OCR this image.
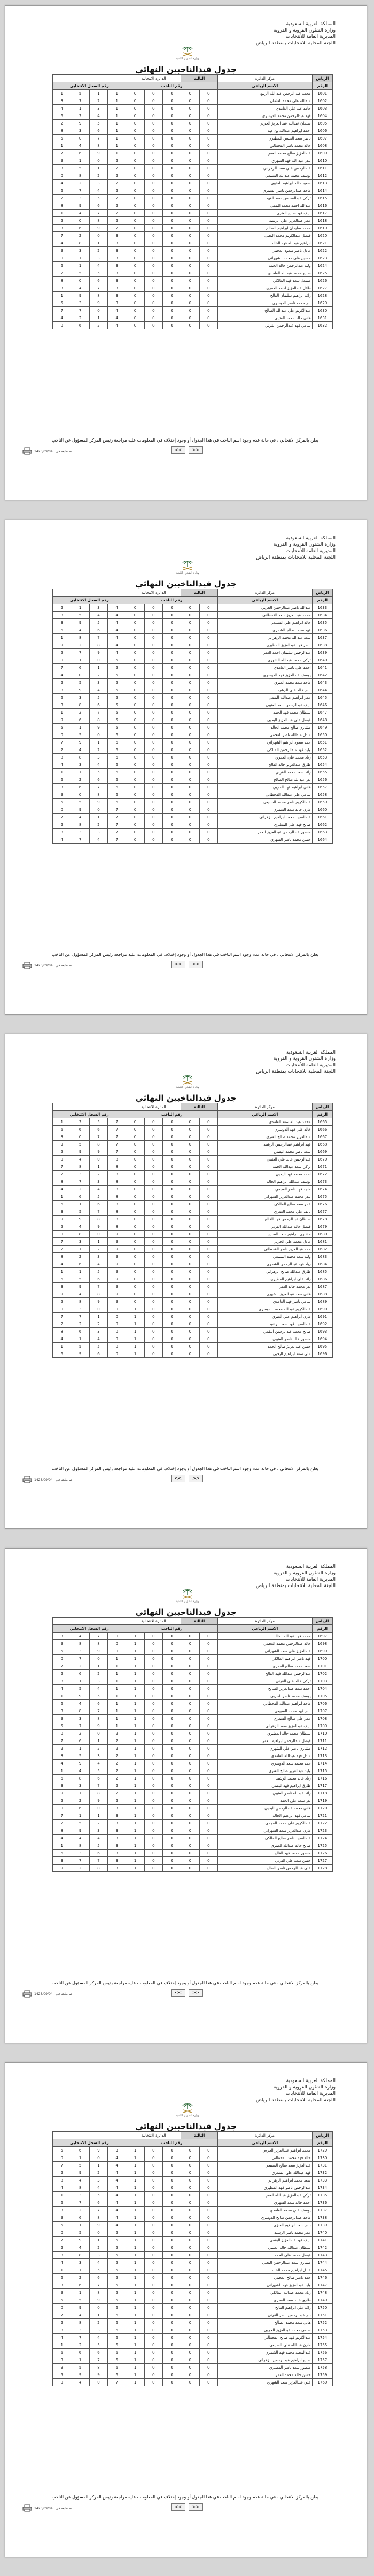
المملكة العربية السعودية
وزارة الشئون القروية و القروية
المديرية العامة للأنتخابات
اللجنة المحلية للانتخابات بمنطقة الرياض
وزارة الشؤون البلدية
جدول قيدالناخبين النهائي
الرياض	مركز الدائرة	الثالثة		الدائرة الانتخابية						
الرقم	الاسم الرباعي	رقم الناخب					رقم السجل الانتخابي			
1601	محمد عبد الرحمن عبد الله الربيع	0	0	0	0	0	1	1	5	1
1602	عبدالله علي محمد العثمان	0	0	0	0	0	1	2	7	3
1603	حامد عبد علي الغامدي	0	0	0	0	0	1	3	1	4
1604	فهد عبدالرحمن محمد الدوسري	0	0	0	0	0	1	4	2	6
1605	سلمان عبدالله عبد العزيز الحربي	0	0	0	0	0	1	5	9	2
1606	احمد ابراهيم عبدالله بن عيد	0	0	0	0	0	1	6	3	8
1607	ناصر سعد الحسن المطيري	0	0	0	0	0	1	7	0	5
1608	خالد محمد ناصر القحطاني	0	0	0	0	0	1	8	4	1
1609	عبدالعزيز صالح محمد العمر	0	0	0	0	0	1	9	6	7
1610	بندر عبد الله فهد الشهري	0	0	0	0	0	2	0	1	9
1611	عبدالرحمن علي سعد الزهراني	0	0	0	0	0	2	1	5	3
1612	يوسف محمد عبدالله السبيعي	0	0	0	0	0	2	2	8	0
1613	سعود خالد ابراهيم العتيبي	0	0	0	0	0	2	3	2	4
1614	ماجد عبدالرحمن ناصر الشمري	0	0	0	0	0	2	4	7	6
1615	تركي عبدالمحسن سعد الفهد	0	0	0	0	0	2	5	3	2
1616	عبدالله احمد محمد البقمي	0	0	0	0	0	2	6	9	8
1617	نايف فهد صالح العنزي	0	0	0	0	0	2	7	4	1
1618	عمر عبدالعزيز علي الرشيد	0	0	0	0	0	2	8	0	5
1619	محمد سليمان ابراهيم السالم	0	0	0	0	0	2	9	6	3
1620	فيصل عبدالكريم محمد اليحيى	0	0	0	0	0	3	0	2	7
1621	ابراهيم عبدالله فهد الخالد	0	0	0	0	0	3	1	8	4
1622	عادل ناصر سعود العجمي	0	0	0	0	0	3	2	3	9
1623	حسين علي محمد الشهراني	0	0	0	0	0	3	3	7	0
1624	وليد عبدالرحمن خالد الحمد	0	0	0	0	0	3	4	1	6
1625	صالح محمد عبدالله الغامدي	0	0	0	0	0	3	5	5	2
1626	مشعل سعد فهد المالكي	0	0	0	0	0	3	6	0	8
1627	طلال عبدالعزيز احمد العمري	0	0	0	0	0	3	7	4	3
1628	رائد ابراهيم سليمان الفالح	0	0	0	0	0	3	8	9	1
1629	بدر محمد ناصر الدوسري	0	0	0	0	0	3	9	3	5
1630	عبدالكريم علي عبدالله الصالح	0	0	0	0	0	4	0	7	7
1631	هاني خالد محمد العتيبي	0	0	0	0	0	4	1	2	4
1632	سامي فهد عبدالرحمن القرني	0	0	0	0	0	4	2	6	0
يعلن بالمركز الانتخابي ، في حالة عدم وجود اسم الناخب في هذا الجدول أو وجود إختلاف في المعلومات عليه مراجعة رئيس المركز المسؤول عن الناخب
<<	>>
1423/09/04 : تم طبعه في
المملكة العربية السعودية
وزارة الشئون القروية و القروية
المديرية العامة للأنتخابات
اللجنة المحلية للانتخابات بمنطقة الرياض
وزارة الشؤون البلدية
جدول قيدالناخبين النهائي
الرياض	مركز الدائرة	الثالثة		الدائرة الانتخابية						
الرقم	الاسم الرباعي	رقم الناخب					رقم السجل الانتخابي			
1633	عبدالله ناصر عبدالرحمن الحربي	0	0	0	0	0	4	3	1	2
1634	محمد عبدالعزيز سعد القحطاني	0	0	0	0	0	4	4	5	8
1635	خالد ابراهيم علي السبيعي	0	0	0	0	0	4	5	9	3
1636	فهد محمد صالح الشمري	0	0	0	0	0	4	6	4	6
1637	سعد عبدالله محمد الزهراني	0	0	0	0	0	4	7	8	1
1638	ناصر فهد عبدالعزيز المطيري	0	0	0	0	0	4	8	2	9
1639	عبدالرحمن سليمان احمد العمر	0	0	0	0	0	4	9	7	5
1640	تركي محمد عبدالله الشهري	0	0	0	0	0	5	0	1	0
1641	احمد علي ناصر الغامدي	0	0	0	0	0	5	1	6	7
1642	يوسف عبدالعزيز فهد الدوسري	0	0	0	0	0	5	2	0	4
1643	ماجد سعد محمد العنزي	0	0	0	0	0	5	3	5	2
1644	بندر خالد علي الرشيد	0	0	0	0	0	5	4	9	8
1645	عمر ابراهيم عبدالله البقمي	0	0	0	0	0	5	5	3	6
1646	نايف عبدالرحمن سعد العتيبي	0	0	0	0	0	5	6	8	3
1647	سلطان محمد فهد الحمد	0	0	0	0	0	5	7	2	1
1648	فيصل علي عبدالعزيز اليحيى	0	0	0	0	0	5	8	6	9
1649	مشاري صالح محمد الخالد	0	0	0	0	0	5	9	1	5
1650	عادل عبدالله ناصر العجمي	0	0	0	0	0	6	0	5	0
1651	حمد سعود ابراهيم الشهراني	0	0	0	0	0	6	1	9	7
1652	وليد فهد عبدالرحمن المالكي	0	0	0	0	0	6	2	4	2
1653	زياد محمد علي العمري	0	0	0	0	0	6	3	8	8
1654	طارق عبدالعزيز خالد الفالح	0	0	0	0	0	6	4	3	4
1655	رائد سعد محمد القرني	0	0	0	0	0	6	5	7	1
1656	بدر عبدالله صالح الصالح	0	0	0	0	0	6	6	2	6
1657	هاني ابراهيم فهد الحربي	0	0	0	0	0	6	7	6	3
1658	سامي علي عبدالله القحطاني	0	0	0	0	0	6	8	0	9
1659	عبدالكريم ناصر محمد السبيعي	0	0	0	0	0	6	9	5	5
1660	مازن خالد سعد الشمري	0	0	0	0	0	7	0	9	0
1661	عبدالمجيد محمد ابراهيم الزهراني	0	0	0	0	0	7	1	4	7
1662	صالح فهد علي المطيري	0	0	0	0	0	7	2	8	2
1663	منصور عبدالرحمن عبدالعزيز العمر	0	0	0	0	0	7	3	3	8
1664	حسن محمد ناصر الشهري	0	0	0	0	0	7	4	7	4
يعلن بالمركز الانتخابي ، في حالة عدم وجود اسم الناخب في هذا الجدول أو وجود إختلاف في المعلومات عليه مراجعة رئيس المركز المسؤول عن الناخب
<<	>>
1423/09/04 : تم طبعه في
المملكة العربية السعودية
وزارة الشئون القروية و القروية
المديرية العامة للأنتخابات
اللجنة المحلية للانتخابات بمنطقة الرياض
وزارة الشؤون البلدية
جدول قيدالناخبين النهائي
الرياض	مركز الدائرة	الثالثة		الدائرة الانتخابية						
الرقم	الاسم الرباعي	رقم الناخب					رقم السجل الانتخابي			
1665	محمد عبدالله سعد الغامدي	0	0	0	0	0	7	5	2	1
1666	خالد علي فهد الدوسري	0	0	0	0	0	7	6	6	6
1667	عبدالعزيز محمد صالح العنزي	0	0	0	0	0	7	7	0	3
1668	فهد ابراهيم عبدالرحمن الرشيد	0	0	0	0	0	7	8	5	9
1669	سعد ناصر محمد البقمي	0	0	0	0	0	7	9	9	5
1670	عبدالرحمن خالد علي العتيبي	0	0	0	0	0	8	0	4	0
1671	تركي سعد عبدالله الحمد	0	0	0	0	0	8	1	8	7
1672	احمد محمد فهد اليحيى	0	0	0	0	0	8	2	3	2
1673	يوسف عبدالله ابراهيم الخالد	0	0	0	0	0	8	3	7	8
1674	ماجد فهد ناصر العجمي	0	0	0	0	0	8	4	2	4
1675	بندر محمد عبدالعزيز الشهراني	0	0	0	0	0	8	5	6	1
1676	عمر سعد صالح المالكي	0	0	0	0	0	8	6	1	6
1677	نايف علي محمد العمري	0	0	0	0	0	8	7	5	3
1678	سلطان عبدالرحمن فهد الفالح	0	0	0	0	0	8	8	9	9
1679	فيصل خالد عبدالله القرني	0	0	0	0	0	8	9	4	5
1680	مشاري ابراهيم سعد الصالح	0	0	0	0	0	9	0	8	0
1681	عادل محمد علي الحربي	0	0	0	0	0	9	1	3	7
1682	حمد عبدالعزيز ناصر القحطاني	0	0	0	0	0	9	2	7	2
1683	وليد سعد محمد السبيعي	0	0	0	0	0	9	3	2	8
1684	زياد فهد عبدالرحمن الشمري	0	0	0	0	0	9	4	6	4
1685	طارق عبدالله صالح الزهراني	0	0	0	0	0	9	5	1	1
1686	رائد علي ابراهيم المطيري	0	0	0	0	0	9	6	5	6
1687	بدر محمد خالد العمر	0	0	0	0	0	9	7	9	3
1688	هاني سعد عبدالعزيز الشهري	0	0	0	0	0	9	8	4	9
1689	سامي ناصر فهد الغامدي	0	0	0	0	0	9	9	8	5
1690	عبدالكريم عبدالله محمد الدوسري	0	0	0	0	1	0	0	3	0
1691	مازن ابراهيم علي العنزي	0	0	0	0	1	0	1	7	7
1692	عبدالمجيد فهد سعد الرشيد	0	0	0	0	1	0	2	2	2
1693	صالح محمد عبدالرحمن البقمي	0	0	0	0	1	0	3	6	8
1694	منصور خالد ناصر العتيبي	0	0	0	0	1	0	4	1	4
1695	حسن عبدالعزيز صالح الحمد	0	0	0	0	1	0	5	5	1
1696	علي سعد ابراهيم اليحيى	0	0	0	0	1	0	6	9	6
يعلن بالمركز الانتخابي ، في حالة عدم وجود اسم الناخب في هذا الجدول أو وجود إختلاف في المعلومات عليه مراجعة رئيس المركز المسؤول عن الناخب
<<	>>
1423/09/04 : تم طبعه في
المملكة العربية السعودية
وزارة الشئون القروية و القروية
المديرية العامة للأنتخابات
اللجنة المحلية للانتخابات بمنطقة الرياض
وزارة الشؤون البلدية
جدول قيدالناخبين النهائي
الرياض	مركز الدائرة	الثالثة		الدائرة الانتخابية						
الرقم	الاسم الرباعي	رقم الناخب					رقم السجل الانتخابي			
1697	محمد فهد عبدالله الخالد	0	0	0	0	1	0	7	4	3
1698	خالد عبدالرحمن محمد العجمي	0	0	0	0	1	0	8	8	9
1699	عبدالعزيز علي سعد الشهراني	0	0	0	0	1	0	9	3	5
1700	فهد ناصر ابراهيم المالكي	0	0	0	0	1	1	0	7	0
1701	سعد محمد صالح العمري	0	0	0	0	1	1	1	2	7
1702	عبدالرحمن عبدالله فهد الفالح	0	0	0	0	1	1	2	6	2
1703	تركي خالد علي القرني	0	0	0	0	1	1	3	1	8
1704	احمد سعد عبدالعزيز الصالح	0	0	0	0	1	1	4	5	4
1705	يوسف محمد ناصر الحربي	0	0	0	0	1	1	5	9	1
1706	ماجد ابراهيم عبدالله القحطاني	0	0	0	0	1	1	6	4	6
1707	بندر فهد محمد السبيعي	0	0	0	0	1	1	7	8	3
1708	عمر علي صالح الشمري	0	0	0	0	1	1	8	3	9
1709	نايف عبدالعزيز سعد الزهراني	0	0	0	0	1	1	9	7	5
1710	سلطان محمد خالد المطيري	0	0	0	0	1	2	0	2	0
1711	فيصل عبدالرحمن ابراهيم العمر	0	0	0	0	1	2	1	6	7
1712	مشاري ناصر علي الشهري	0	0	0	0	1	2	2	1	2
1713	عادل فهد عبدالله الغامدي	0	0	0	0	1	2	3	5	8
1714	حمد محمد سعد الدوسري	0	0	0	0	1	2	4	9	4
1715	وليد عبدالعزيز صالح العنزي	0	0	0	0	1	2	5	4	1
1716	زياد خالد محمد الرشيد	0	0	0	0	1	2	6	8	6
1717	طارق ابراهيم فهد البقمي	0	0	0	0	1	2	7	3	3
1718	رائد عبدالله ناصر العتيبي	0	0	0	0	1	2	8	7	9
1719	بدر سعد علي الحمد	0	0	0	0	1	2	9	2	5
1720	هاني محمد عبدالرحمن اليحيى	0	0	0	0	1	3	0	6	0
1721	سامي فهد ابراهيم الخالد	0	0	0	0	1	3	1	1	7
1722	عبدالكريم علي محمد العجمي	0	0	0	0	1	3	2	5	2
1723	مازن عبدالعزيز سعد الشهراني	0	0	0	0	1	3	3	9	8
1724	عبدالمجيد ناصر صالح المالكي	0	0	0	0	1	3	4	4	4
1725	صالح خالد عبدالله العمري	0	0	0	0	1	3	5	8	1
1726	منصور محمد فهد الفالح	0	0	0	0	1	3	6	3	6
1727	حسن سعد علي القرني	0	0	0	0	1	3	7	7	3
1728	علي عبدالرحمن ناصر الصالح	0	0	0	0	1	3	8	2	9
يعلن بالمركز الانتخابي ، في حالة عدم وجود اسم الناخب في هذا الجدول أو وجود إختلاف في المعلومات عليه مراجعة رئيس المركز المسؤول عن الناخب
<<	>>
1423/09/04 : تم طبعه في
المملكة العربية السعودية
وزارة الشئون القروية و القروية
المديرية العامة للأنتخابات
اللجنة المحلية للانتخابات بمنطقة الرياض
وزارة الشؤون البلدية
جدول قيدالناخبين النهائي
الرياض	مركز الدائرة	الثالثة		الدائرة الانتخابية						
الرقم	الاسم الرباعي	رقم الناخب					رقم السجل الانتخابي			
1729	محمد ابراهيم عبدالعزيز الحربي	0	0	0	0	1	3	9	6	5
1730	خالد فهد محمد القحطاني	0	0	0	0	1	4	0	1	0
1731	عبدالعزيز سعد صالح السبيعي	0	0	0	0	1	4	1	5	7
1732	فهد عبدالله علي الشمري	0	0	0	0	1	4	2	9	2
1733	سعد محمد ابراهيم الزهراني	0	0	0	0	1	4	3	4	8
1734	عبدالرحمن ناصر فهد المطيري	0	0	0	0	1	4	4	8	4
1735	تركي عبدالعزيز عبدالله العمر	0	0	0	0	1	4	5	3	1
1736	احمد خالد سعد الشهري	0	0	0	0	1	4	6	7	6
1737	يوسف علي محمد الغامدي	0	0	0	0	1	4	7	2	3
1738	ماجد عبدالرحمن صالح الدوسري	0	0	0	0	1	4	8	6	9
1739	بندر سعد ابراهيم العنزي	0	0	0	0	1	4	9	1	5
1740	عمر محمد ناصر الرشيد	0	0	0	0	1	5	0	5	0
1741	نايف فهد عبدالعزيز البقمي	0	0	0	0	1	5	1	9	7
1742	سلطان عبدالله خالد العتيبي	0	0	0	0	1	5	2	4	2
1743	فيصل محمد علي الحمد	0	0	0	0	1	5	3	8	8
1744	مشاري سعد عبدالرحمن اليحيى	0	0	0	0	1	5	4	3	4
1745	عادل ابراهيم محمد الخالد	0	0	0	0	1	5	5	7	1
1746	حمد ناصر صالح العجمي	0	0	0	0	1	5	6	2	6
1747	وليد عبدالعزيز فهد الشهراني	0	0	0	0	1	5	7	6	3
1748	زياد محمد عبدالله المالكي	0	0	0	0	1	5	8	1	9
1749	طارق خالد سعد العمري	0	0	0	0	1	5	9	5	5
1750	رائد علي ابراهيم الفالح	0	0	0	0	1	6	0	9	0
1751	بدر عبدالرحمن ناصر القرني	0	0	0	0	1	6	1	4	7
1752	هاني سعد محمد الصالح	0	0	0	0	1	6	2	8	2
1753	سامي محمد عبدالعزيز الحربي	0	0	0	0	1	6	3	3	8
1754	عبدالكريم فهد صالح القحطاني	0	0	0	0	1	6	4	7	4
1755	مازن عبدالله علي السبيعي	0	0	0	0	1	6	5	2	1
1756	عبدالمجيد محمد فهد الشمري	0	0	0	0	1	6	6	6	6
1757	صالح ابراهيم عبدالرحمن الزهراني	0	0	0	0	1	6	7	1	3
1758	منصور سعد ناصر المطيري	0	0	0	0	1	6	8	5	9
1759	حسن خالد محمد العمر	0	0	0	0	1	6	9	9	5
1760	علي عبدالعزيز سعد الشهري	0	0	0	0	1	7	0	4	0
يعلن بالمركز الانتخابي ، في حالة عدم وجود اسم الناخب في هذا الجدول أو وجود إختلاف في المعلومات عليه مراجعة رئيس المركز المسؤول عن الناخب
<<	>>
1423/09/04 : تم طبعه في
